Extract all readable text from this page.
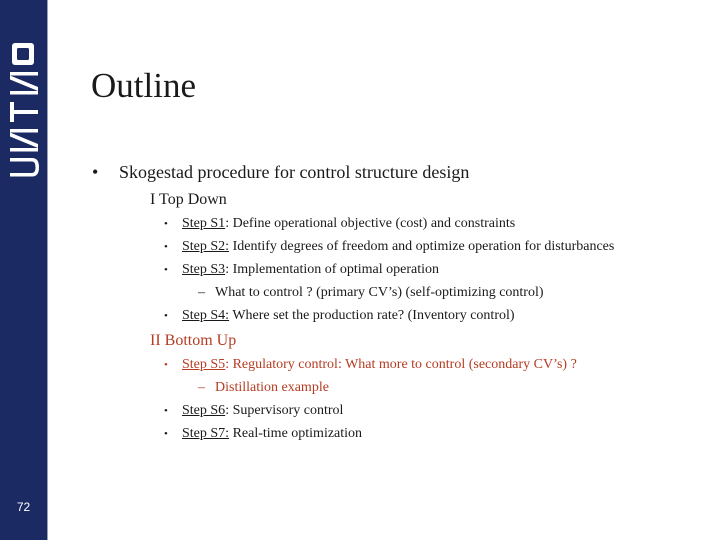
72
Outline
• Skogestad procedure for control structure design
I Top Down
• Step S1: Define operational objective (cost) and constraints
• Step S2: Identify degrees of freedom and optimize operation for disturbances
• Step S3: Implementation of optimal operation
– What to control ? (primary CV’s) (self-optimizing control)
• Step S4: Where set the production rate? (Inventory control)
II Bottom Up
• Step S5: Regulatory control: What more to control (secondary CV’s) ?
– Distillation example
• Step S6: Supervisory control
• Step S7: Real-time optimization
